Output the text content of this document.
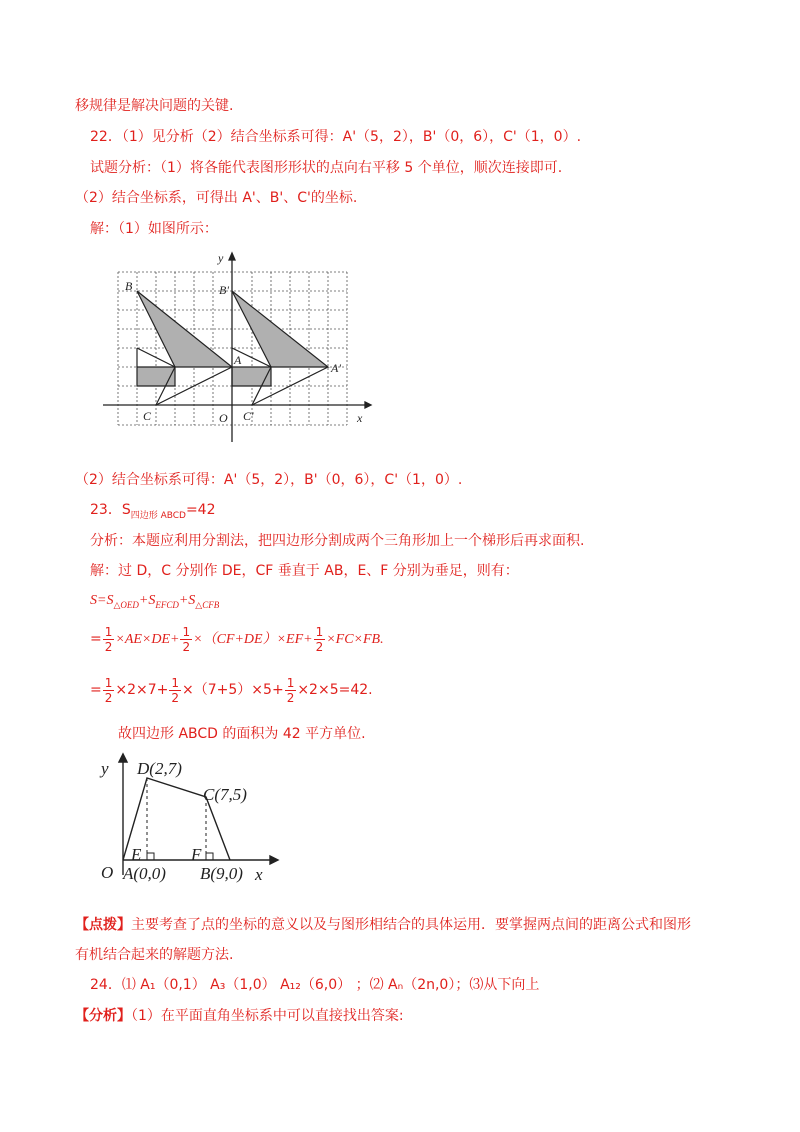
移规律是解决问题的关键.
22．（1）见分析（2）结合坐标系可得：A'（5，2），B'（0，6），C'（1，0）.
试题分析：（1）将各能代表图形形状的点向右平移 5 个单位，顺次连接即可.
（2）结合坐标系，可得出 A'、B'、C'的坐标.
解：（1）如图所示：
y
x
O
B	B'
A
A'
C	C'
（2）结合坐标系可得：A'（5，2），B'（0，6），C'（1，0）.
23．$S_{四边形 ABCD}=42$
分析：本题应利用分割法，把四边形分割成两个三角形加上一个梯形后再求面积.
解：过 D，C 分别作 DE，CF 垂直于 AB，E、F 分别为垂足，则有：
$S=S_{\triangle OED}+S_{EFCD}+S_{\triangle CFB}$
= $\frac{1}{2} \times AE\times DE+ \frac{1}{2} \times(CF+DE)\times EF+ \frac{1}{2} \times FC\times FB$.
= $\frac{1}{2} \times 2\times 7+ \frac{1}{2} \times(7+5)\times 5+ \frac{1}{2} \times 2\times 5=42$.
故四边形 ABCD 的面积为 42 平方单位.
y
x
O
D(2,7)
C(7,5)
E	F
A(0,0) B(9,0)
【点拨】主要考查了点的坐标的意义以及与图形相结合的具体运用．要掌握两点间的距离公式和图形
有机结合起来的解题方法.
24．⑴ A₁（0,1） A₃（1,0） A₁₂（6,0） ；⑵ Aₙ（2n,0）；⑶从下向上
【分析】（1）在平面直角坐标系中可以直接找出答案:
